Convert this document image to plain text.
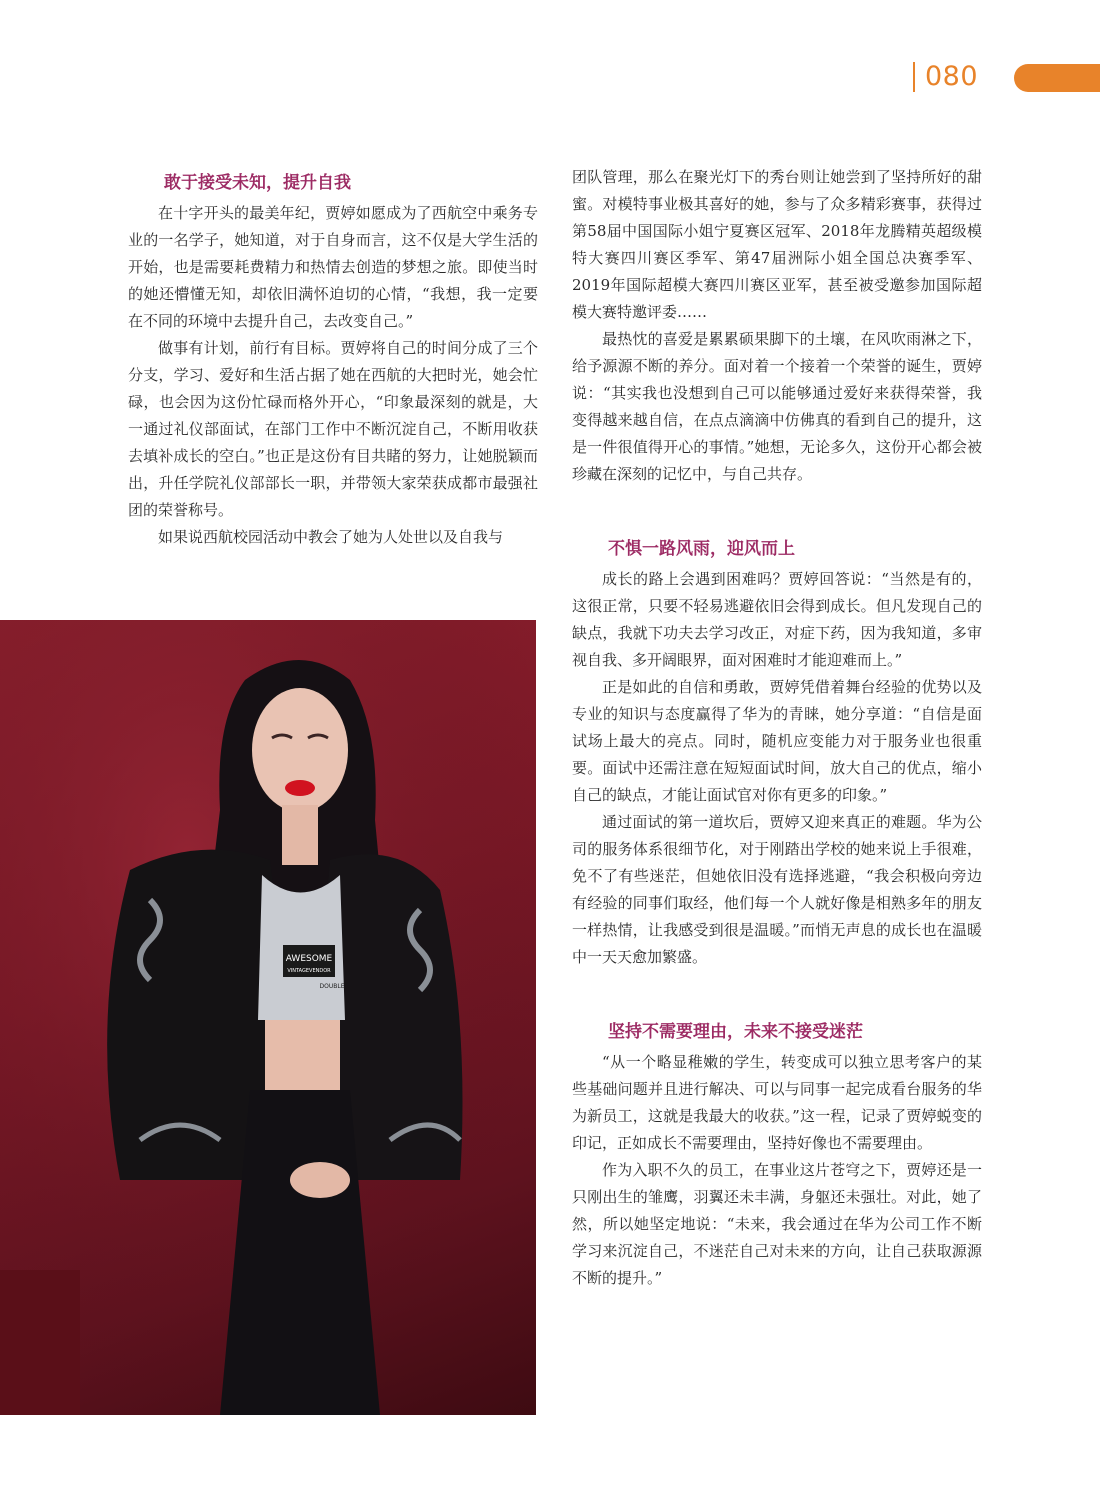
080
敢于接受未知，提升自我

在十字开头的最美年纪，贾婷如愿成为了西航空中乘务专业的一名学子，她知道，对于自身而言，这不仅是大学生活的开始，也是需要耗费精力和热情去创造的梦想之旅。即使当时的她还懵懂无知，却依旧满怀迫切的心情，“我想，我一定要在不同的环境中去提升自己，去改变自己。”

做事有计划，前行有目标。贾婷将自己的时间分成了三个分支，学习、爱好和生活占据了她在西航的大把时光，她会忙碌，也会因为这份忙碌而格外开心，“印象最深刻的就是，大一通过礼仪部面试，在部门工作中不断沉淀自己，不断用收获去填补成长的空白。”也正是这份有目共睹的努力，让她脱颖而出，升任学院礼仪部部长一职，并带领大家荣获成都市最强社团的荣誉称号。

如果说西航校园活动中教会了她为人处世以及自我与

团队管理，那么在聚光灯下的秀台则让她尝到了坚持所好的甜蜜。对模特事业极其喜好的她，参与了众多精彩赛事，获得过第58届中国国际小姐宁夏赛区冠军、2018年龙腾精英超级模特大赛四川赛区季军、第47届洲际小姐全国总决赛季军、2019年国际超模大赛四川赛区亚军，甚至被受邀参加国际超模大赛特邀评委……

最热忱的喜爱是累累硕果脚下的土壤，在风吹雨淋之下，给予源源不断的养分。面对着一个接着一个荣誉的诞生，贾婷说：“其实我也没想到自己可以能够通过爱好来获得荣誉，我变得越来越自信，在点点滴滴中仿佛真的看到自己的提升，这是一件很值得开心的事情。”她想，无论多久，这份开心都会被珍藏在深刻的记忆中，与自己共存。

不惧一路风雨，迎风而上

成长的路上会遇到困难吗？贾婷回答说：“当然是有的，这很正常，只要不轻易逃避依旧会得到成长。但凡发现自己的缺点，我就下功夫去学习改正，对症下药，因为我知道，多审视自我、多开阔眼界，面对困难时才能迎难而上。”

正是如此的自信和勇敢，贾婷凭借着舞台经验的优势以及专业的知识与态度赢得了华为的青睐，她分享道：“自信是面试场上最大的亮点。同时，随机应变能力对于服务业也很重要。面试中还需注意在短短面试时间，放大自己的优点，缩小自己的缺点，才能让面试官对你有更多的印象。”

通过面试的第一道坎后，贾婷又迎来真正的难题。华为公司的服务体系很细节化，对于刚踏出学校的她来说上手很难，免不了有些迷茫，但她依旧没有选择逃避，“我会积极向旁边有经验的同事们取经，他们每一个人就好像是相熟多年的朋友一样热情，让我感受到很是温暖。”而悄无声息的成长也在温暖中一天天愈加繁盛。

坚持不需要理由，未来不接受迷茫

“从一个略显稚嫩的学生，转变成可以独立思考客户的某些基础问题并且进行解决、可以与同事一起完成看台服务的华为新员工，这就是我最大的收获。”这一程，记录了贾婷蜕变的印记，正如成长不需要理由，坚持好像也不需要理由。

作为入职不久的员工，在事业这片苍穹之下，贾婷还是一只刚出生的雏鹰，羽翼还未丰满，身躯还未强壮。对此，她了然，所以她坚定地说：“未来，我会通过在华为公司工作不断学习来沉淀自己，不迷茫自己对未来的方向，让自己获取源源不断的提升。”

AWESOME
VINTAGEVENDOR
DOUBLE
